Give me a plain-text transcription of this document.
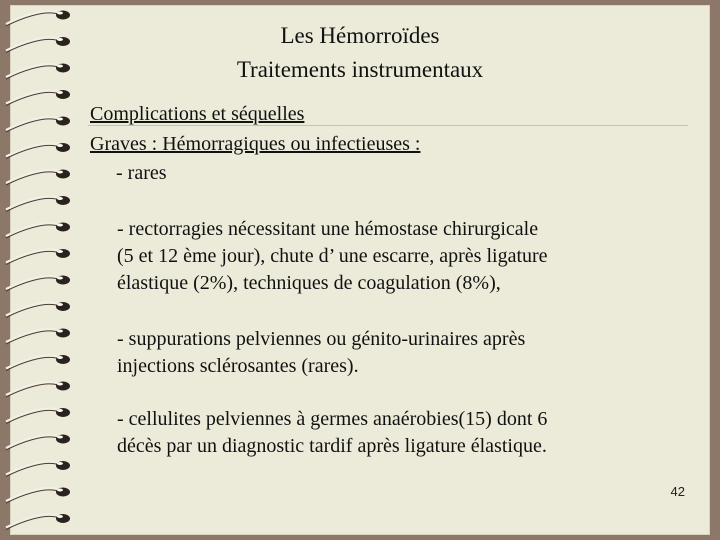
Les Hémorroïdes
Traitements instrumentaux
Complications et séquelles
Graves : Hémorragiques ou infectieuses :
- rares
- rectorragies nécessitant une hémostase chirurgicale
(5 et 12 ème jour), chute d’ une escarre, après ligature
élastique (2%), techniques de coagulation (8%),
- suppurations pelviennes ou génito-urinaires après
injections sclérosantes (rares).
- cellulites pelviennes à germes anaérobies(15) dont 6
décès par un diagnostic tardif après ligature élastique.
42
